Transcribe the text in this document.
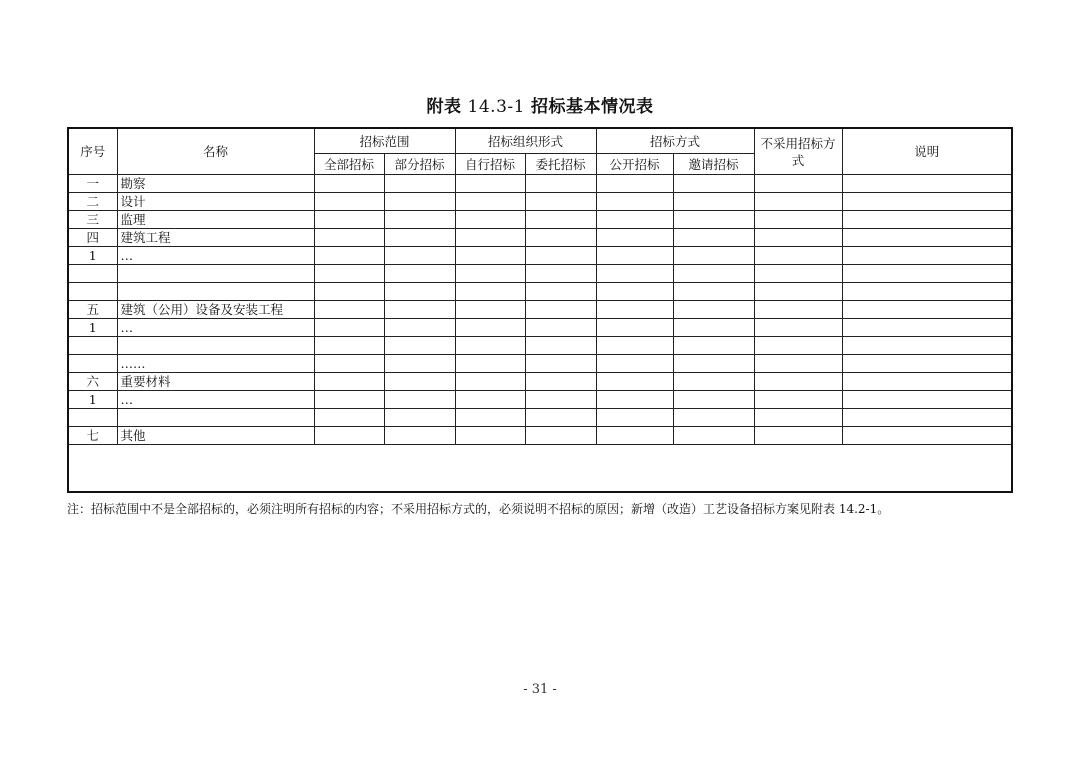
附表 14.3-1 招标基本情况表
序号	名称	招标范围		招标组织形式		招标方式		不采用招标方式	说明
		全部招标	部分招标	自行招标	委托招标	公开招标	邀请招标		
一	勘察								
二	设计								
三	监理								
四	建筑工程								
1	…								

五	建筑（公用）设备及安装工程								
1	…								

	……								
六	重要材料								
1	…								

七	其他								

注：招标范围中不是全部招标的，必须注明所有招标的内容；不采用招标方式的，必须说明不招标的原因；新增（改造）工艺设备招标方案见附表 14.2-1。
- 31 -
